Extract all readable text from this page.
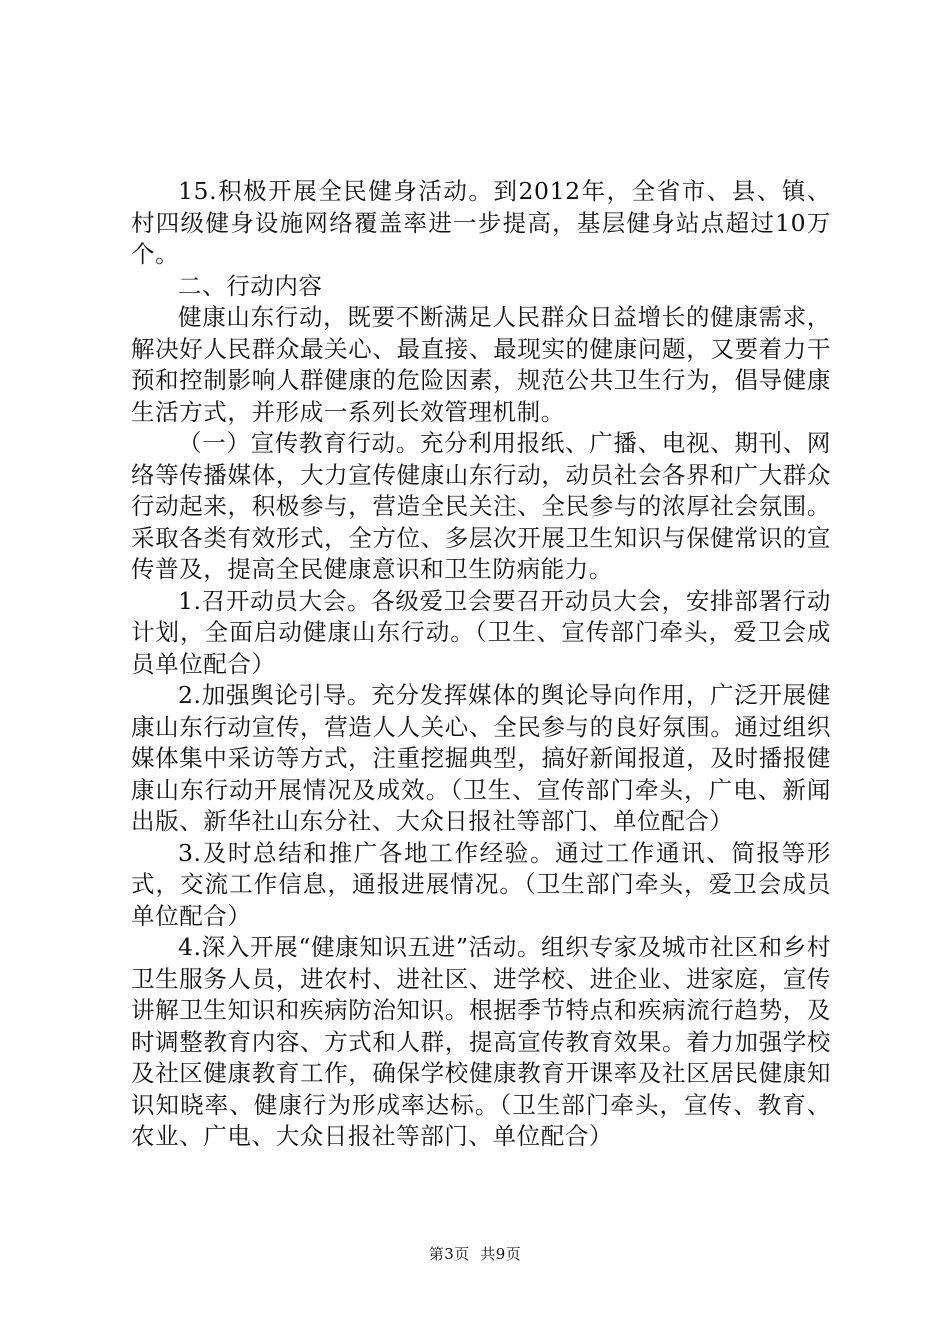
15.积极开展全民健身活动。到2012年，全省市、县、镇、村四级健身设施网络覆盖率进一步提高，基层健身站点超过10万个。

二、行动内容

健康山东行动，既要不断满足人民群众日益增长的健康需求，解决好人民群众最关心、最直接、最现实的健康问题，又要着力干预和控制影响人群健康的危险因素，规范公共卫生行为，倡导健康生活方式，并形成一系列长效管理机制。

（一）宣传教育行动。充分利用报纸、广播、电视、期刊、网络等传播媒体，大力宣传健康山东行动，动员社会各界和广大群众行动起来，积极参与，营造全民关注、全民参与的浓厚社会氛围。采取各类有效形式，全方位、多层次开展卫生知识与保健常识的宣传普及，提高全民健康意识和卫生防病能力。

1.召开动员大会。各级爱卫会要召开动员大会，安排部署行动计划，全面启动健康山东行动。（卫生、宣传部门牵头，爱卫会成员单位配合）

2.加强舆论引导。充分发挥媒体的舆论导向作用，广泛开展健康山东行动宣传，营造人人关心、全民参与的良好氛围。通过组织媒体集中采访等方式，注重挖掘典型，搞好新闻报道，及时播报健康山东行动开展情况及成效。（卫生、宣传部门牵头，广电、新闻出版、新华社山东分社、大众日报社等部门、单位配合）

3.及时总结和推广各地工作经验。通过工作通讯、简报等形式，交流工作信息，通报进展情况。（卫生部门牵头，爱卫会成员单位配合）

4.深入开展“健康知识五进”活动。组织专家及城市社区和乡村卫生服务人员，进农村、进社区、进学校、进企业、进家庭，宣传讲解卫生知识和疾病防治知识。根据季节特点和疾病流行趋势，及时调整教育内容、方式和人群，提高宣传教育效果。着力加强学校及社区健康教育工作，确保学校健康教育开课率及社区居民健康知识知晓率、健康行为形成率达标。（卫生部门牵头，宣传、教育、农业、广电、大众日报社等部门、单位配合）

第3页  共9页
